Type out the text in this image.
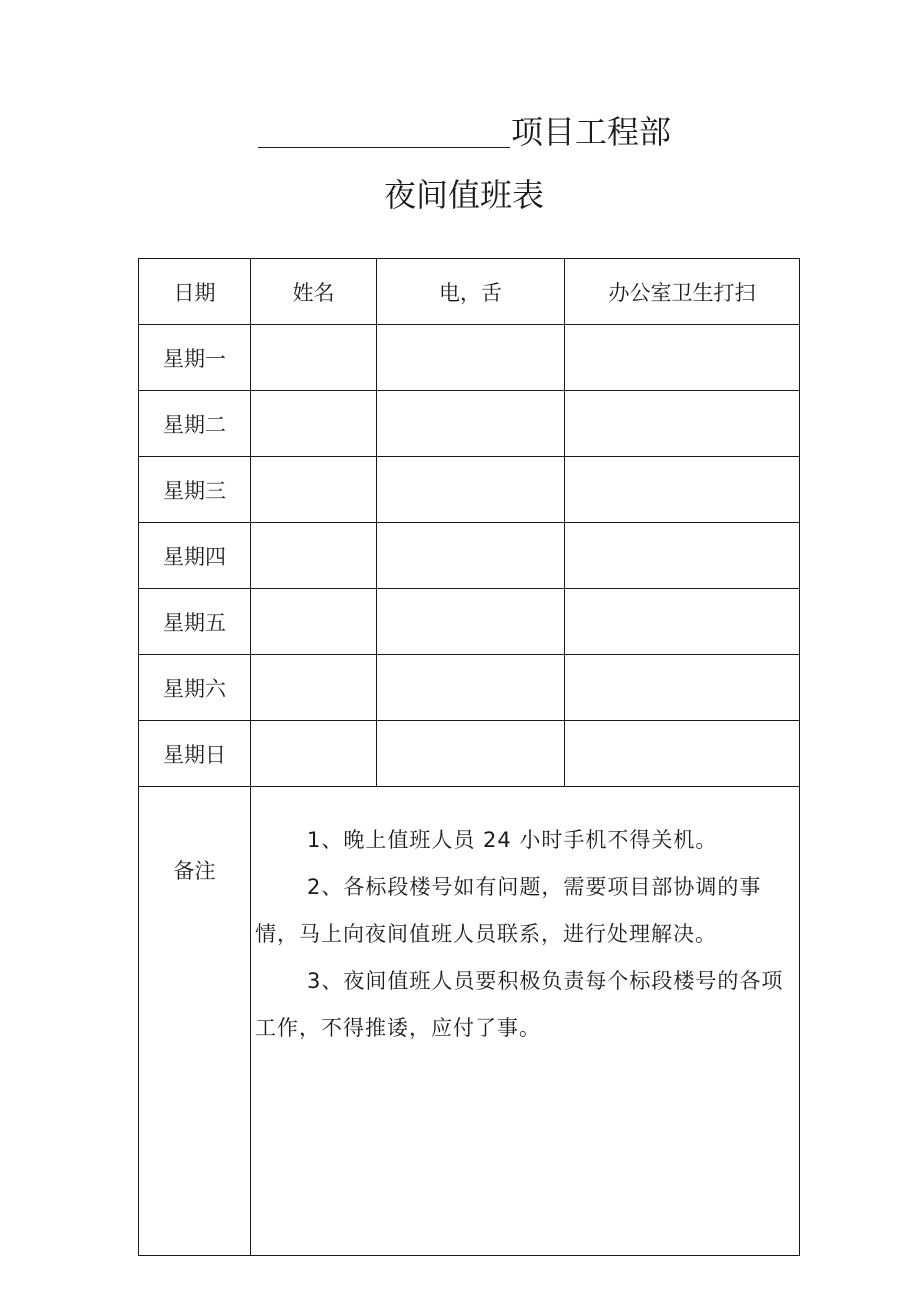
项目工程部
夜间值班表
日期	姓名	电，舌	办公室卫生打扫
星期一			
星期二			
星期三			
星期四			
星期五			
星期六			
星期日			
备注	1、晚上值班人员 24 小时手机不得关机。

2、各标段楼号如有问题，需要项目部协调的事情，马上向夜间值班人员联系，进行处理解决。

3、夜间值班人员要积极负责每个标段楼号的各项工作，不得推诿，应付了事。		
